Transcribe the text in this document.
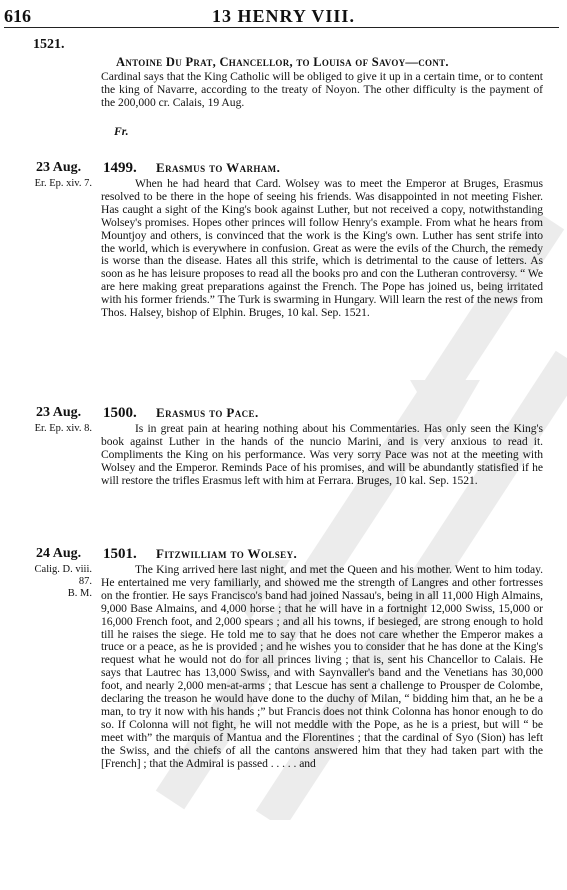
616	13 HENRY VIII.
1521.
Antoine Du Prat, Chancellor, to Louisa of Savoy—cont.
Cardinal says that the King Catholic will be obliged to give it up in a certain time, or to content the king of Navarre, according to the treaty of Noyon. The other difficulty is the payment of the 200,000 cr. Calais, 19 Aug.
Fr.
23 Aug. 1499. Erasmus to Warham.
Er. Ep. xiv. 7.	When he had heard that Card. Wolsey was to meet the Emperor at Bruges, Erasmus resolved to be there in the hope of seeing his friends. Was disappointed in not meeting Fisher. Has caught a sight of the King's book against Luther, but not received a copy, notwithstanding Wolsey's promises. Hopes other princes will follow Henry's example. From what he hears from Mountjoy and others, is convinced that the work is the King's own. Luther has sent strife into the world, which is everywhere in confusion. Great as were the evils of the Church, the remedy is worse than the disease. Hates all this strife, which is detrimental to the cause of letters. As soon as he has leisure proposes to read all the books pro and con the Lutheran controversy. “ We are here making great preparations against the French. The Pope has joined us, being irritated with his former friends.” The Turk is swarming in Hungary. Will learn the rest of the news from Thos. Halsey, bishop of Elphin. Bruges, 10 kal. Sep. 1521.
23 Aug. 1500. Erasmus to Pace.
Er. Ep. xiv. 8.	Is in great pain at hearing nothing about his Commentaries. Has only seen the King's book against Luther in the hands of the nuncio Marini, and is very anxious to read it. Compliments the King on his performance. Was very sorry Pace was not at the meeting with Wolsey and the Emperor. Reminds Pace of his promises, and will be abundantly statisfied if he will restore the trifles Erasmus left with him at Ferrara. Bruges, 10 kal. Sep. 1521.
24 Aug. 1501. Fitzwilliam to Wolsey.
Calig. D. viii.
87.
B. M.
The King arrived here last night, and met the Queen and his mother. Went to him today. He entertained me very familiarly, and showed me the strength of Langres and other fortresses on the frontier. He says Francisco's band had joined Nassau's, being in all 11,000 High Almains, 9,000 Base Almains, and 4,000 horse ; that he will have in a fortnight 12,000 Swiss, 15,000 or 16,000 French foot, and 2,000 spears ; and all his towns, if besieged, are strong enough to hold till he raises the siege. He told me to say that he does not care whether the Emperor makes a truce or a peace, as he is provided ; and he wishes you to consider that he has done at the King's request what he would not do for all princes living ; that is, sent his Chancellor to Calais. He says that Lautrec has 13,000 Swiss, and with Saynvaller's band and the Venetians has 30,000 foot, and nearly 2,000 men-at-arms ; that Lescue has sent a challenge to Prousper de Colombe, declaring the treason he would have done to the duchy of Milan, “ bidding him that, an he be a man, to try it now with his hands ;” but Francis does not think Colonna has honor enough to do so. If Colonna will not fight, he will not meddle with the Pope, as he is a priest, but will “ be meet with” the marquis of Mantua and the Florentines ; that the cardinal of Syo (Sion) has left the Swiss, and the chiefs of all the cantons answered him that they had taken part with the [French] ; that the Admiral is passed . . . . . and
